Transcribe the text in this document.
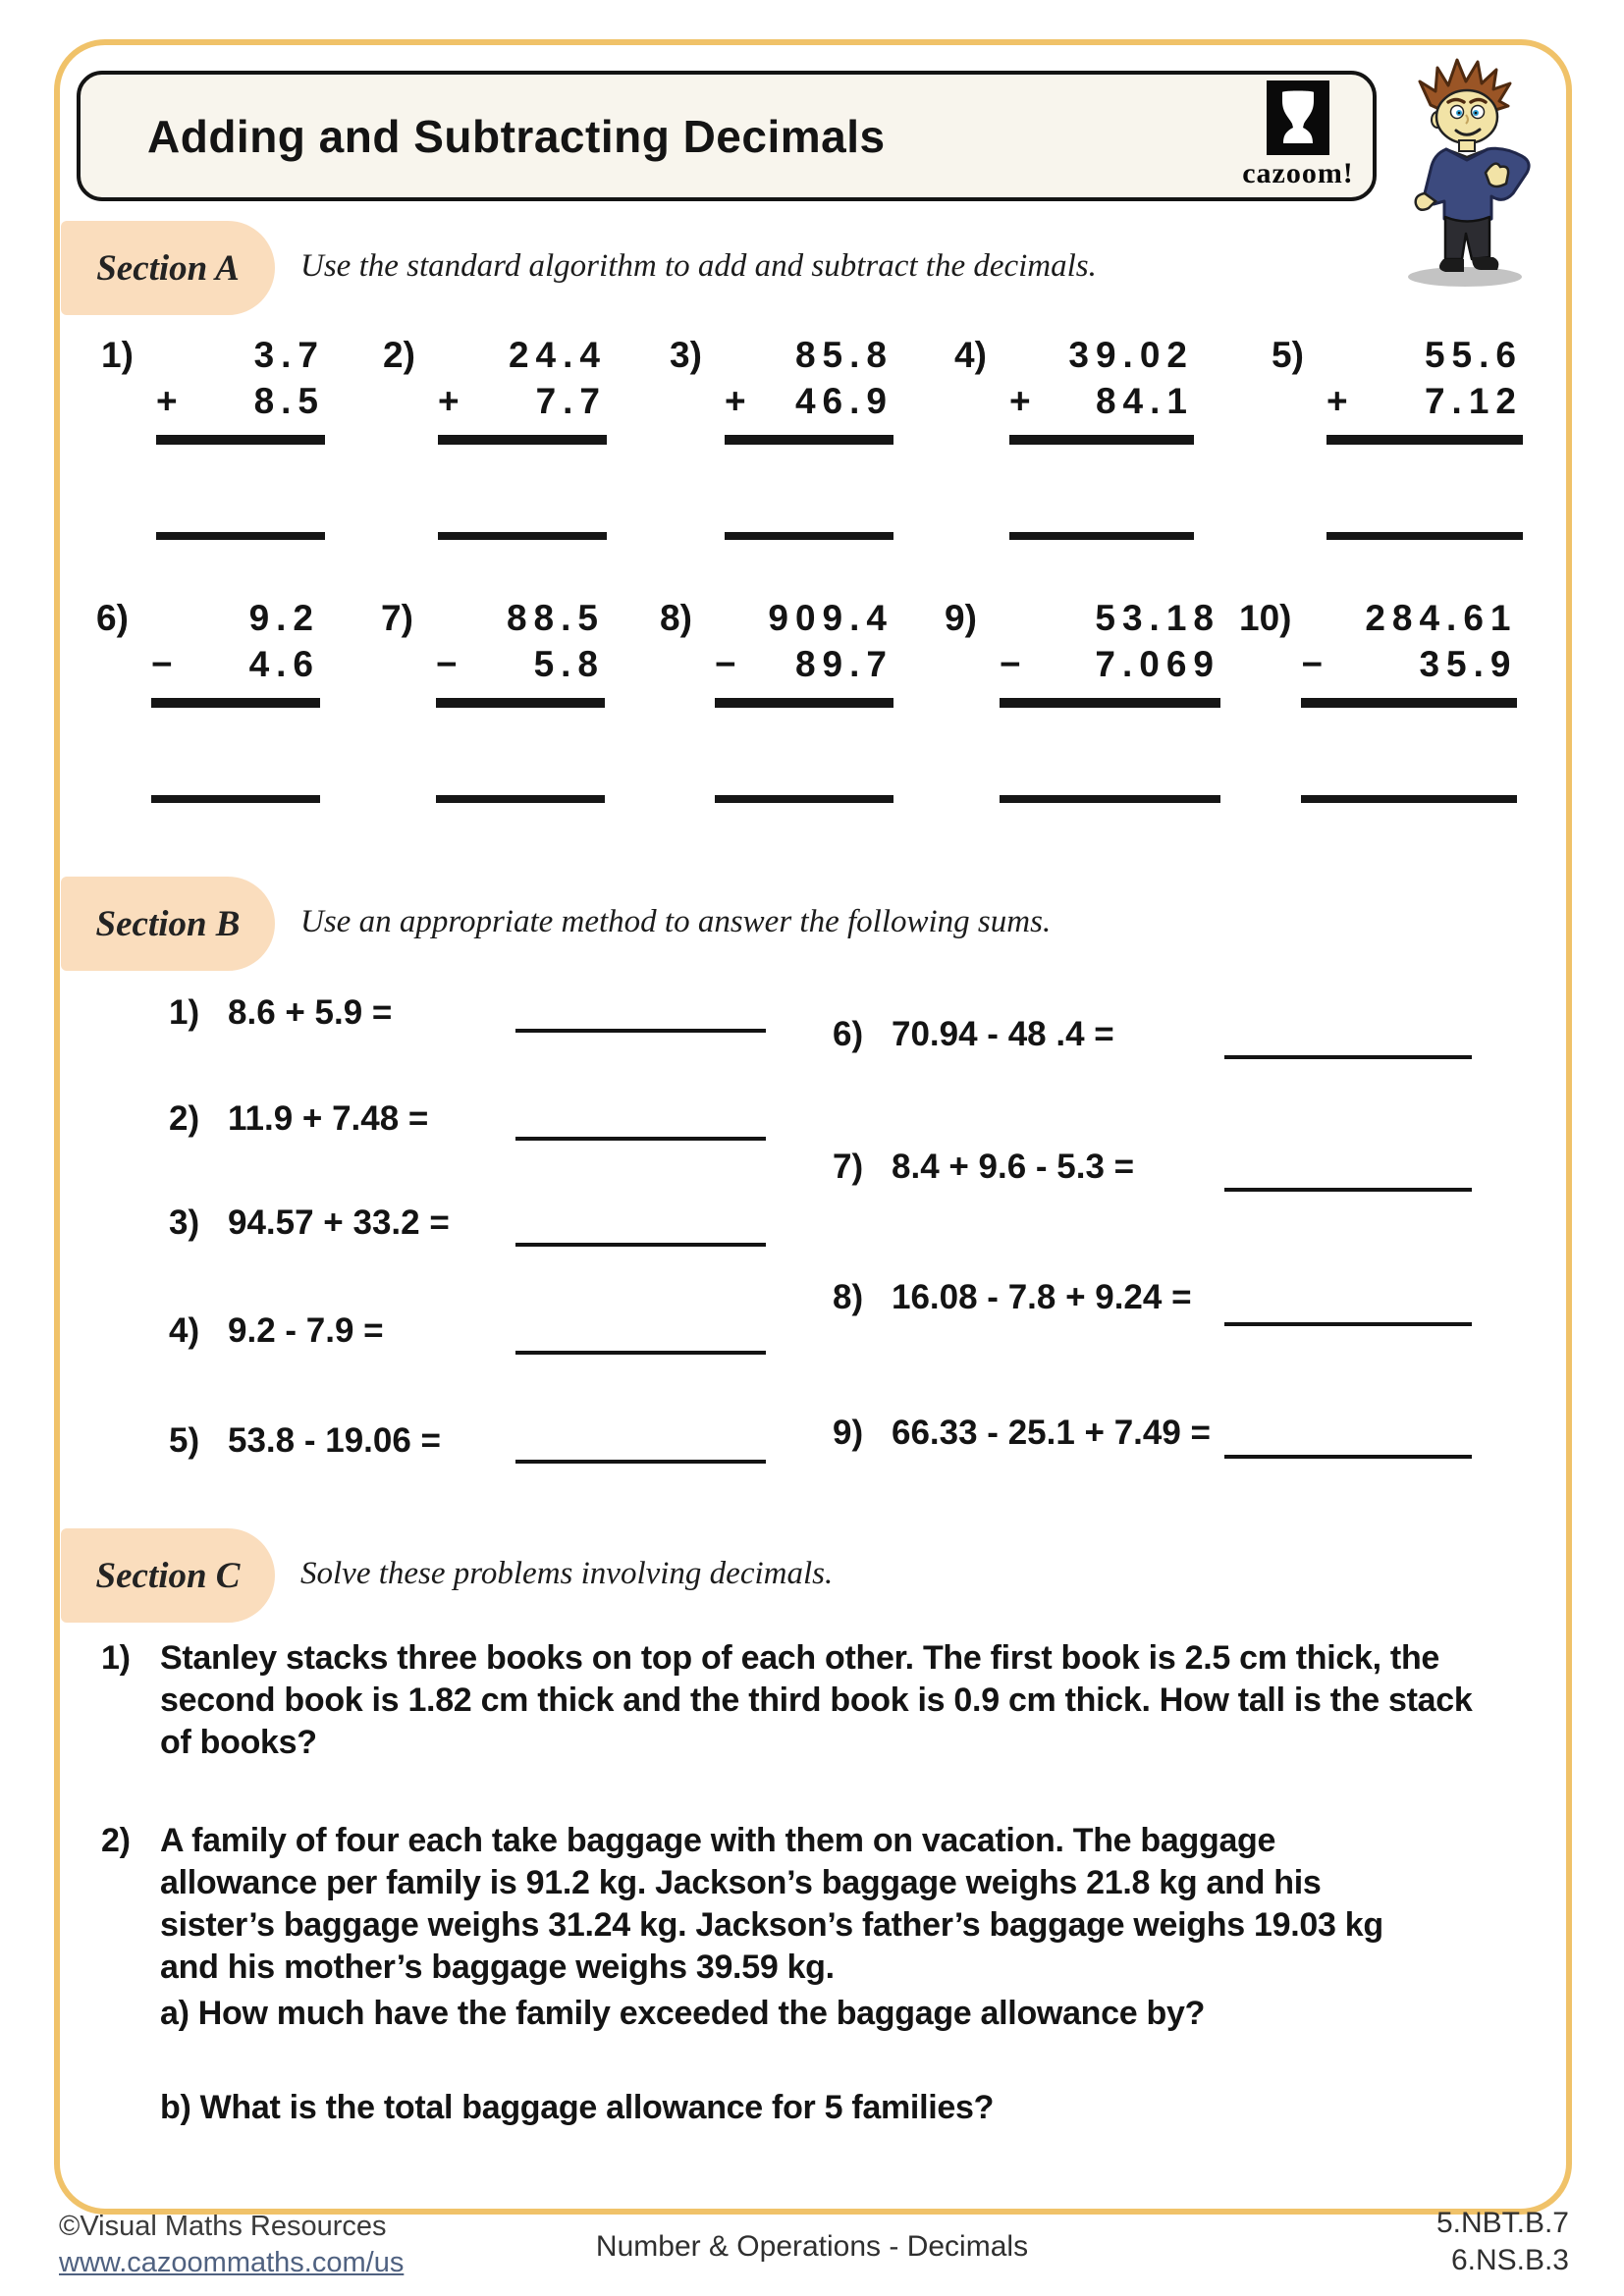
Adding and Subtracting Decimals
cazoom!
Section A Use the standard algorithm to add and subtract the decimals.
1)	3.7
+ 8.5
2)	24.4
+ 7.7
3)	85.8
+ 46.9
4)	39.02
+ 84.1
5)	55.6
+ 7.12
6)	9.2
− 4.6
7)	88.5
− 5.8
8)	909.4
− 89.7
9)	53.18
− 7.069
10)	284.61
−	35.9
Section B Use an appropriate method to answer the following sums.
1) 8.6 + 5.9 =
2) 11.9 + 7.48 =
3) 94.57 + 33.2 =
4) 9.2 - 7.9 =
5) 53.8 - 19.06 =
6) 70.94 - 48 .4 =
7) 8.4 + 9.6 - 5.3 =
8) 16.08 - 7.8 + 9.24 =
9) 66.33 - 25.1 + 7.49 =
Section C Solve these problems involving decimals.
1) Stanley stacks three books on top of each other. The first book is 2.5 cm thick, the second book is 1.82 cm thick and the third book is 0.9 cm thick. How tall is the stack of books?
2) A family of four each take baggage with them on vacation. The baggage allowance per family is 91.2 kg. Jackson’s baggage weighs 21.8 kg and his sister’s baggage weighs 31.24 kg. Jackson’s father’s baggage weighs 19.03 kg and his mother’s baggage weighs 39.59 kg.
a) How much have the family exceeded the baggage allowance by?
b) What is the total baggage allowance for 5 families?
©Visual Maths Resources
www.cazoommaths.com/us	Number & Operations - Decimals
5.NBT.B.7
6.NS.B.3
